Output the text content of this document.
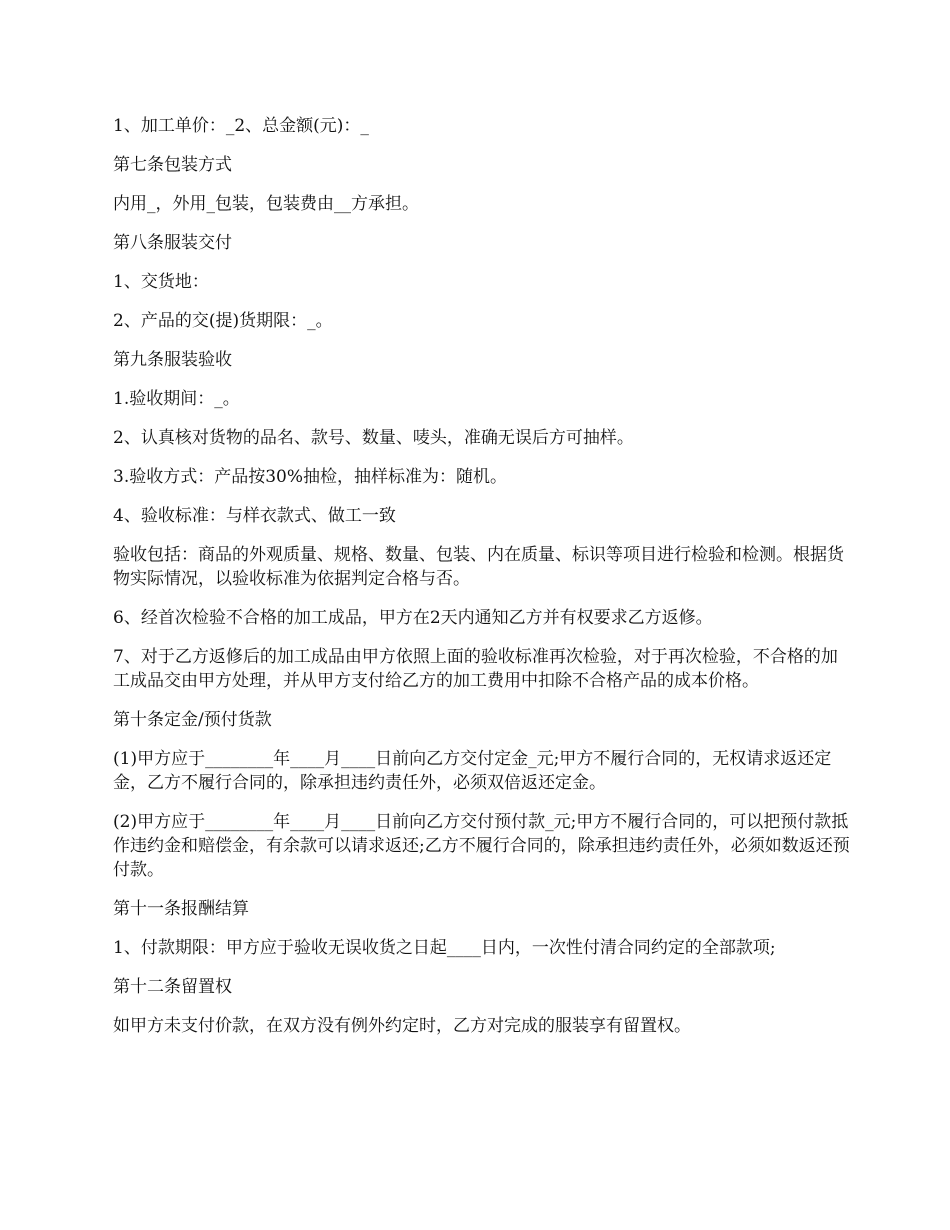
1、加工单价：_2、总金额(元)：_

第七条包装方式

内用_，外用_包装，包装费由__方承担。

第八条服装交付

1、交货地：

2、产品的交(提)货期限：_。

第九条服装验收

1.验收期间：_。

2、认真核对货物的品名、款号、数量、唛头，准确无误后方可抽样。

3.验收方式：产品按30%抽检，抽样标准为：随机。

4、验收标准：与样衣款式、做工一致

验收包括：商品的外观质量、规格、数量、包装、内在质量、标识等项目进行检验和检测。根据货物实际情况，以验收标准为依据判定合格与否。

6、经首次检验不合格的加工成品，甲方在2天内通知乙方并有权要求乙方返修。

7、对于乙方返修后的加工成品由甲方依照上面的验收标准再次检验，对于再次检验，不合格的加工成品交由甲方处理，并从甲方支付给乙方的加工费用中扣除不合格产品的成本价格。

第十条定金/预付货款

(1)甲方应于________年____月____日前向乙方交付定金_元;甲方不履行合同的，无权请求返还定金，乙方不履行合同的，除承担违约责任外，必须双倍返还定金。

(2)甲方应于________年____月____日前向乙方交付预付款_元;甲方不履行合同的，可以把预付款抵作违约金和赔偿金，有余款可以请求返还;乙方不履行合同的，除承担违约责任外，必须如数返还预付款。

第十一条报酬结算

1、付款期限：甲方应于验收无误收货之日起____日内，一次性付清合同约定的全部款项;

第十二条留置权

如甲方未支付价款，在双方没有例外约定时，乙方对完成的服装享有留置权。
